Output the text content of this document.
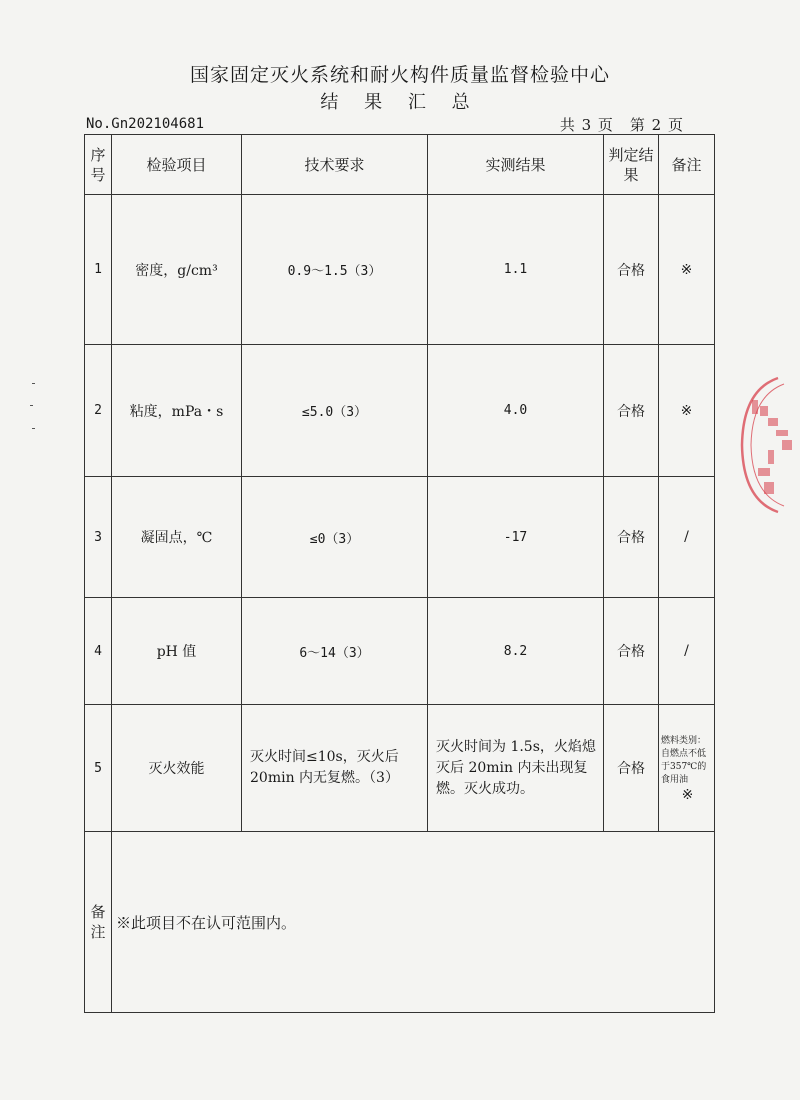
国家固定灭火系统和耐火构件质量监督检验中心
结 果 汇 总
No.Gn202104681	共 3 页　第 2 页
序号	检验项目	技术要求	实测结果	判定结果	备注
1	密度，g/cm³	0.9～1.5（3）	1.1	合格	※
2	粘度，mPa・s	≤5.0（3）	4.0	合格	※
3	凝固点，℃	≤0（3）	-17	合格	/
4	pH 值	6～14（3）	8.2	合格	/
5	灭火效能	灭火时间≤10s，灭火后20min 内无复燃。（3）	灭火时间为 1.5s，火焰熄灭后 20min 内未出现复燃。灭火成功。	合格	燃料类别：自燃点不低于357℃的食用油
※

备注	※此项目不在认可范围内。				
